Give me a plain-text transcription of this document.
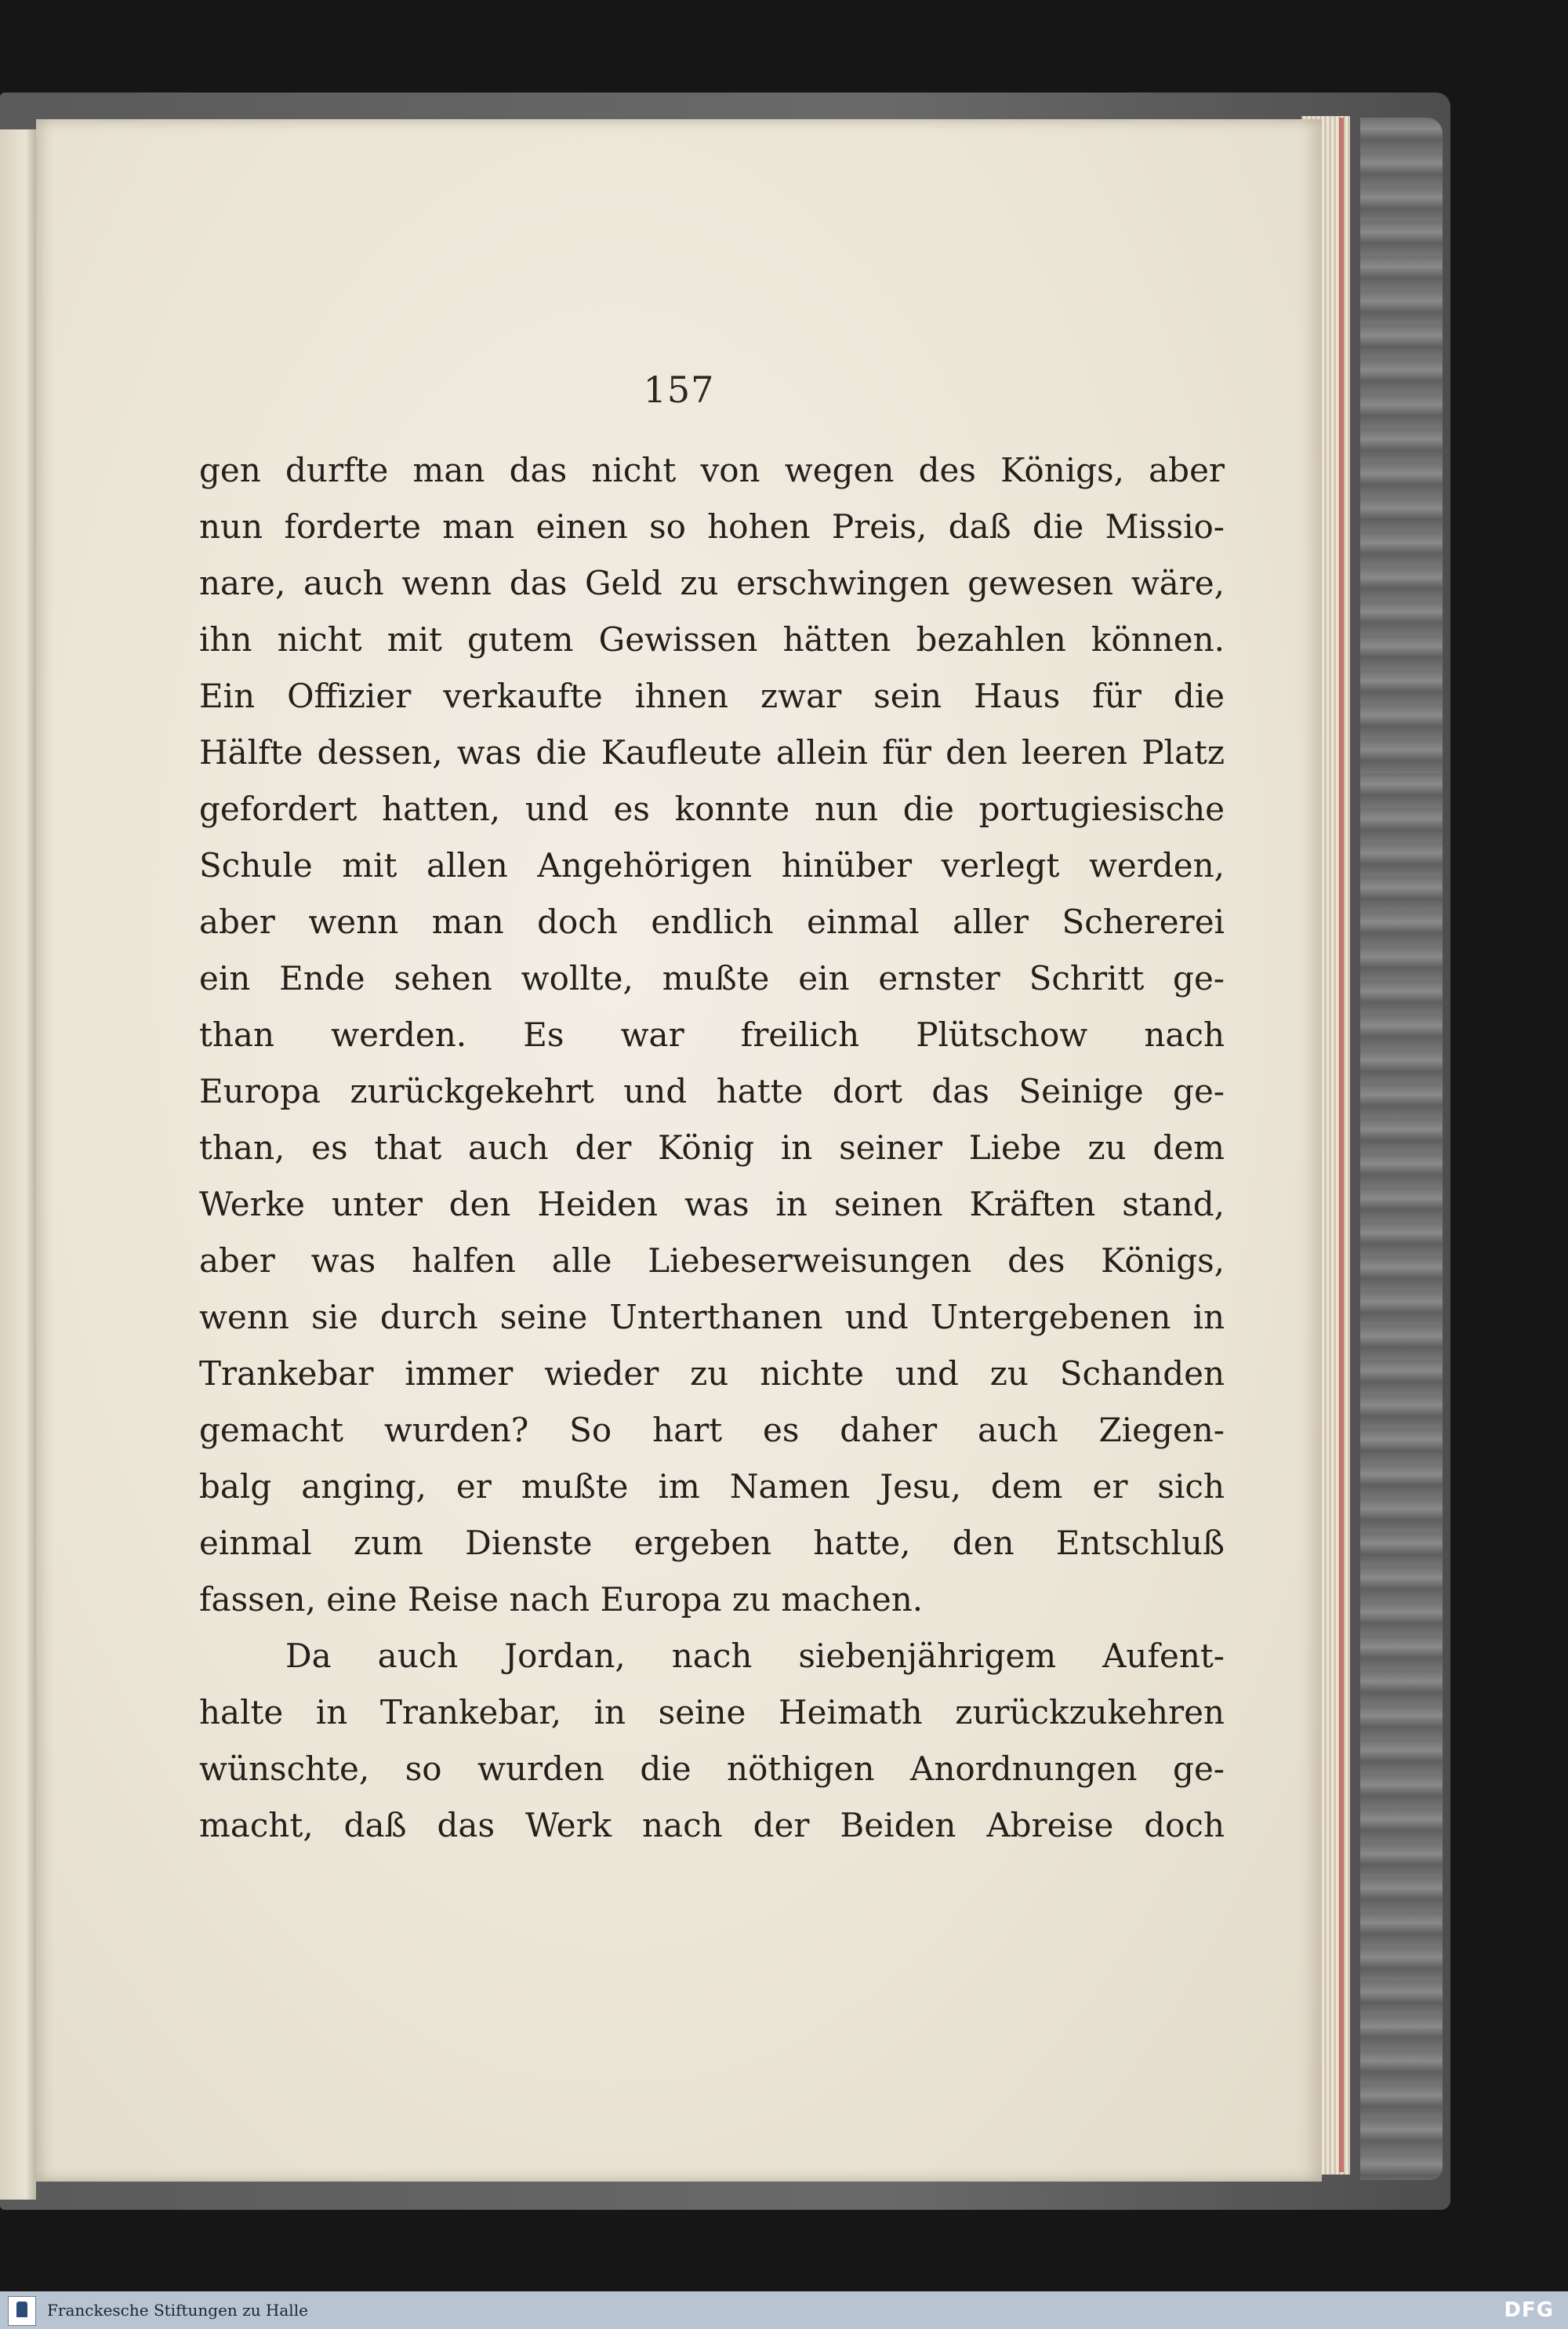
157
gen durfte man das nicht von wegen des Königs, aber
nun forderte man einen so hohen Preis, daß die Missio-
nare, auch wenn das Geld zu erschwingen gewesen wäre,
ihn nicht mit gutem Gewissen hätten bezahlen können.
Ein Offizier verkaufte ihnen zwar sein Haus für die
Hälfte dessen, was die Kaufleute allein für den leeren Platz
gefordert hatten, und es konnte nun die portugiesische
Schule mit allen Angehörigen hinüber verlegt werden,
aber wenn man doch endlich einmal aller Schererei
ein Ende sehen wollte, mußte ein ernster Schritt ge-
than werden. Es war freilich Plütschow nach
Europa zurückgekehrt und hatte dort das Seinige ge-
than, es that auch der König in seiner Liebe zu dem
Werke unter den Heiden was in seinen Kräften stand,
aber was halfen alle Liebeserweisungen des Königs,
wenn sie durch seine Unterthanen und Untergebenen in
Trankebar immer wieder zu nichte und zu Schanden
gemacht wurden? So hart es daher auch Ziegen-
balg anging, er mußte im Namen Jesu, dem er sich
einmal zum Dienste ergeben hatte, den Entschluß
fassen, eine Reise nach Europa zu machen.
Da auch Jordan, nach siebenjährigem Aufent-
halte in Trankebar, in seine Heimath zurückzukehren
wünschte, so wurden die nöthigen Anordnungen ge-
macht, daß das Werk nach der Beiden Abreise doch
Franckesche Stiftungen zu Halle	DFG
